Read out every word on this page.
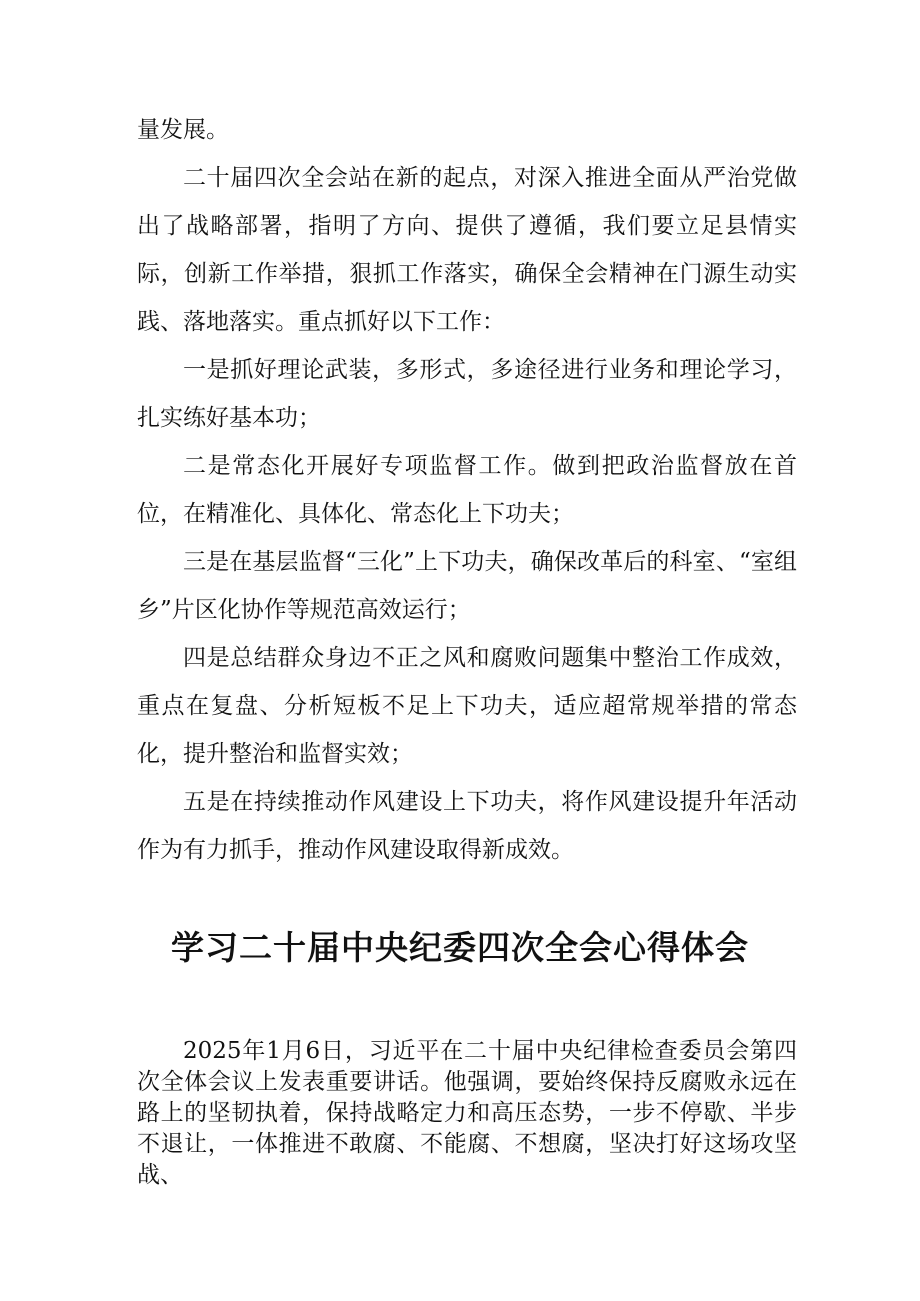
量发展。

二十届四次全会站在新的起点，对深入推进全面从严治党做出了战略部署，指明了方向、提供了遵循，我们要立足县情实际，创新工作举措，狠抓工作落实，确保全会精神在门源生动实践、落地落实。重点抓好以下工作：

一是抓好理论武装，多形式，多途径进行业务和理论学习，扎实练好基本功；

二是常态化开展好专项监督工作。做到把政治监督放在首位，在精准化、具体化、常态化上下功夫；

三是在基层监督“三化”上下功夫，确保改革后的科室、“室组乡”片区化协作等规范高效运行；

四是总结群众身边不正之风和腐败问题集中整治工作成效，重点在复盘、分析短板不足上下功夫，适应超常规举措的常态化，提升整治和监督实效；

五是在持续推动作风建设上下功夫，将作风建设提升年活动作为有力抓手，推动作风建设取得新成效。

学习二十届中央纪委四次全会心得体会

2025年1月6日，习近平在二十届中央纪律检查委员会第四次全体会议上发表重要讲话。他强调，要始终保持反腐败永远在路上的坚韧执着，保持战略定力和高压态势，一步不停歇、半步不退让，一体推进不敢腐、不能腐、不想腐，坚决打好这场攻坚战、
